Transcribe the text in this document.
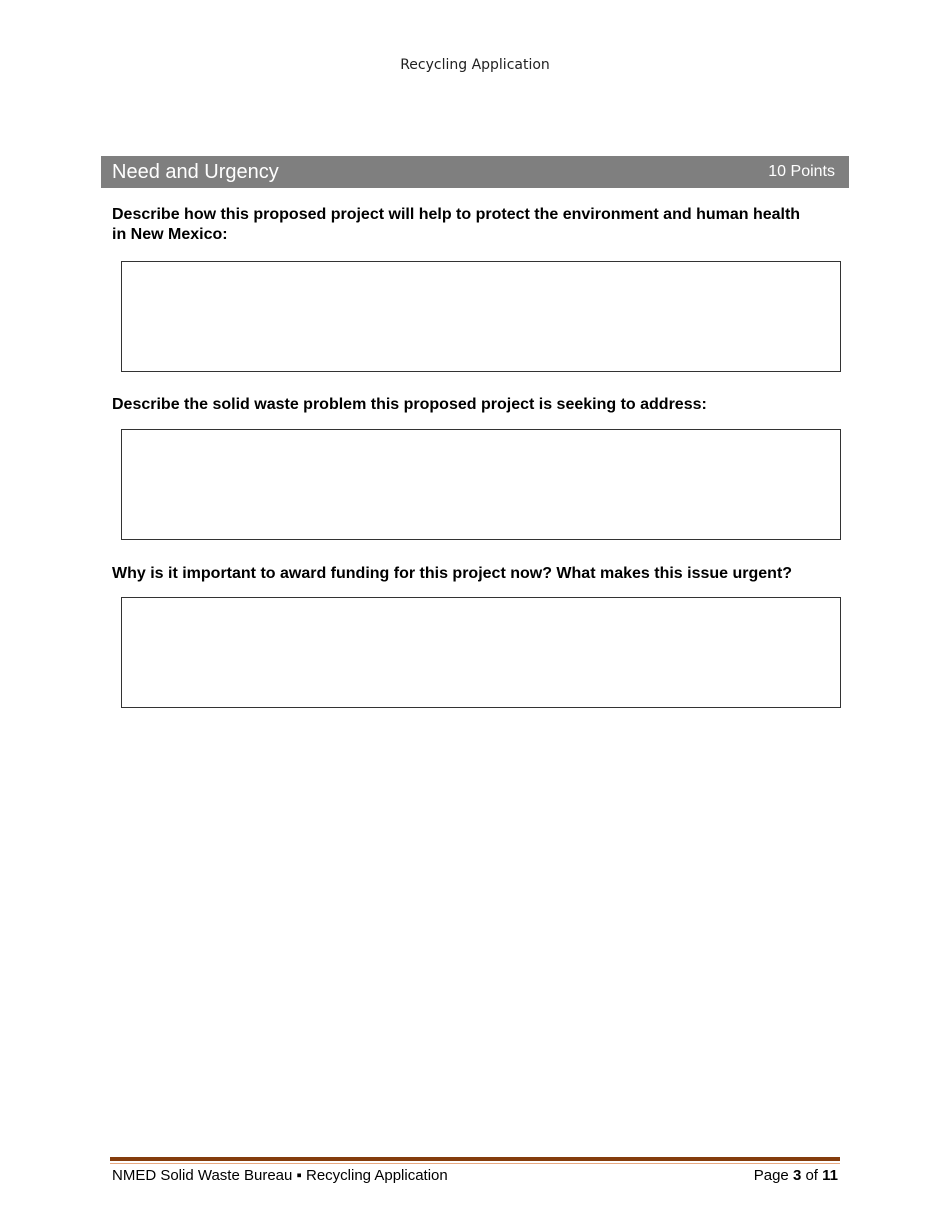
Recycling Application
Need and Urgency	10 Points
Describe how this proposed project will help to protect the environment and human health in New Mexico:
Describe the solid waste problem this proposed project is seeking to address:
Why is it important to award funding for this project now? What makes this issue urgent?
NMED Solid Waste Bureau ▪ Recycling Application	Page 3 of 11
